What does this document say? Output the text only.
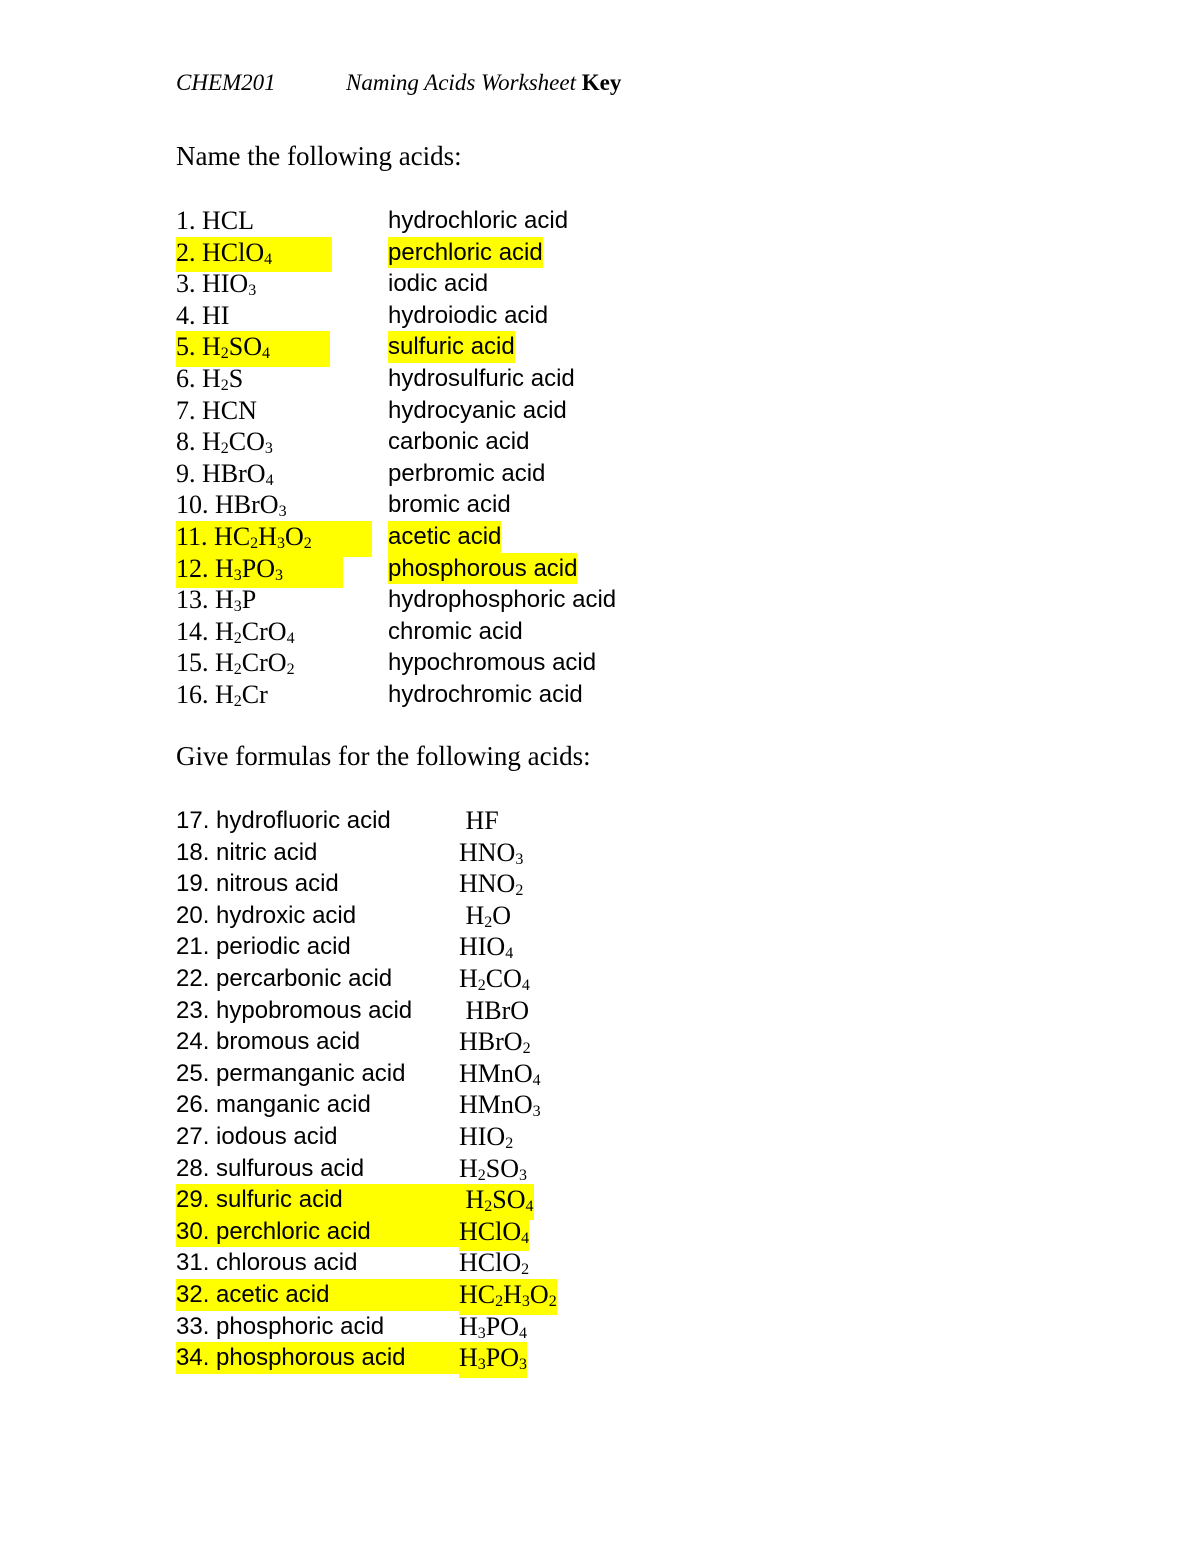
CHEM201	Naming Acids Worksheet Key
Name the following acids:
1. HCL	hydrochloric acid
2. HClO$_4$	perchloric acid
3. $HIO_3$	iodic acid
4. HI	hydroiodic acid
5. $H_2SO_4$	sulfuric acid
6. $H_2S$	hydrosulfuric acid
7. HCN	hydrocyanic acid
8. $H_2CO_3$	carbonic acid
9. HBrO$_4$	perbromic acid
10. HBrO$_3$	bromic acid
11. $HC_2H_3O_2$	acetic acid
12. $H_3PO_3$	phosphorous acid
13. $H_3P$	hydrophosphoric acid
14. $H_2CrO_4$	chromic acid
15. $H_2CrO_2$	hypochromous acid
16. $H_2Cr$	hydrochromic acid
Give formulas for the following acids:
17. hydrofluoric acid	HF
18. nitric acid	$HNO_3$
19. nitrous acid	$HNO_2$
20. hydroxic acid	$H_2O$
21. periodic acid	$HIO_4$
22. percarbonic acid	$H_2CO_4$
23. hypobromous acid HBrO
24. bromous acid	HBrO$_2$
25. permanganic acid HMnO$_4$
26. manganic acid	HMnO$_3$
27. iodous acid	$HIO_2$
28. sulfurous acid	$H_2SO_3$
29. sulfuric acid	$H_2SO_4$
30. perchloric acid	HClO$_4$
31. chlorous acid	HClO$_2$
32. acetic acid	$HC_2H_3O_2$
33. phosphoric acid	$H_3PO_4$
34. phosphorous acid $H_3PO_3$
